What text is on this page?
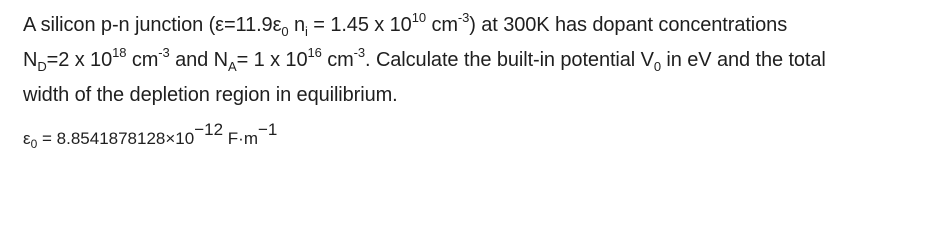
A silicon p-n junction ($\varepsilon=11.9\varepsilon_0$ $n_i = 1.45$ x $10^{10}$ $cm^{-3}$) at 300K has dopant concentrations

$N_D=2$ x $10^{18}$ $cm^{-3}$ and $N_A= 1$ x $10^{16}$ $cm^{-3}$. Calculate the built-in potential $V_0$ in eV and the total

width of the depletion region in equilibrium.

$\varepsilon_0 = 8.8541878128\times 10^{-12}$ $F\cdot m^{-1}$
